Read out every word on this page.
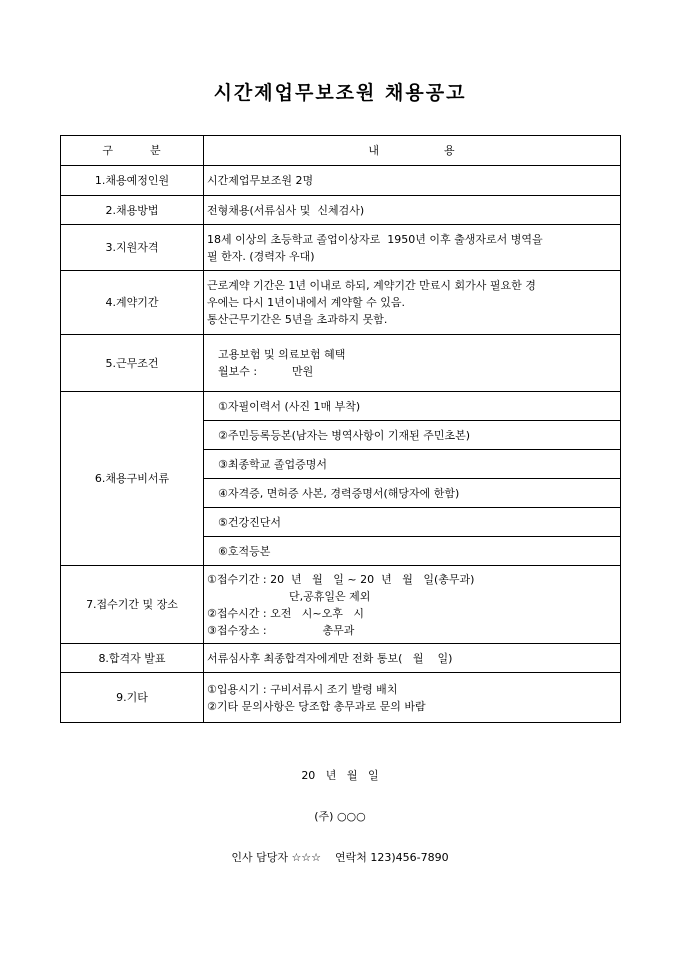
시간제업무보조원 채용공고
구 분	내 용
1.채용예정인원	시간제업무보조원 2명

2.채용방법	전형채용(서류심사 및  신체검사)

3.지원자격	18세 이상의 초등학교 졸업이상자로  1950년 이후 출생자로서 병역을
필 한자. (경력자 우대)

4.계약기간	근로계약 기간은 1년 이내로 하되, 계약기간 만료시 회가사 필요한 경
우에는 다시 1년이내에서 계약할 수 있음.
통산근무기간은 5년을 초과하지 못함.

5.근무조건	고용보험 및 의료보험 혜택
월보수 :          만원

6.채용구비서류	①자필이력서 (사진 1매 부착)

	②주민등록등본(남자는 병역사항이 기재된 주민초본)

	③최종학교 졸업증명서

	④자격증, 면허증 사본, 경력증명서(해당자에 한함)

	⑤건강진단서

	⑥호적등본

7.접수기간 및 장소	①접수기간 : 20  년   월   일 ~ 20  년   월   일(총무과)
단,공휴일은 제외
②접수시간 : 오전   시~오후   시
③접수장소 :                총무과

8.합격자 발표	서류심사후 최종합격자에게만 전화 통보(   월    일)

9.기타	①입용시기 : 구비서류시 조기 발령 배치
②기타 문의사항은 당조합 총무과로 문의 바람
20   년   월   일
(주) ○○○
인사 담당자 ☆☆☆    연락처 123)456-7890
